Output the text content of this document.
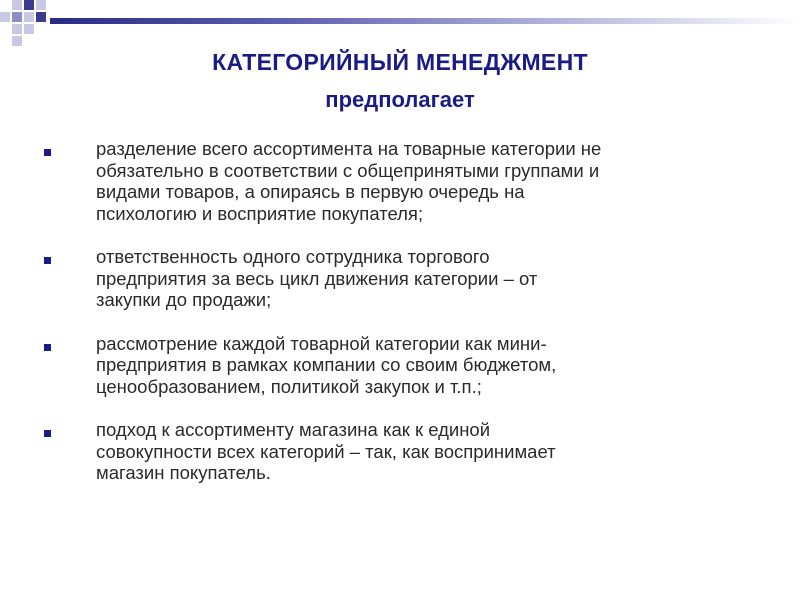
КАТЕГОРИЙНЫЙ МЕНЕДЖМЕНТ
предполагает
разделение всего ассортимента на товарные категории не
обязательно в соответствии с общепринятыми группами и
видами товаров, а опираясь в первую очередь на
психологию и восприятие покупателя;
ответственность одного сотрудника торгового
предприятия за весь цикл движения категории – от
закупки до продажи;
рассмотрение каждой товарной категории как мини-
предприятия в рамках компании со своим бюджетом,
ценообразованием, политикой закупок и т.п.;
подход к ассортименту магазина как к единой
совокупности всех категорий – так, как воспринимает
магазин покупатель.
